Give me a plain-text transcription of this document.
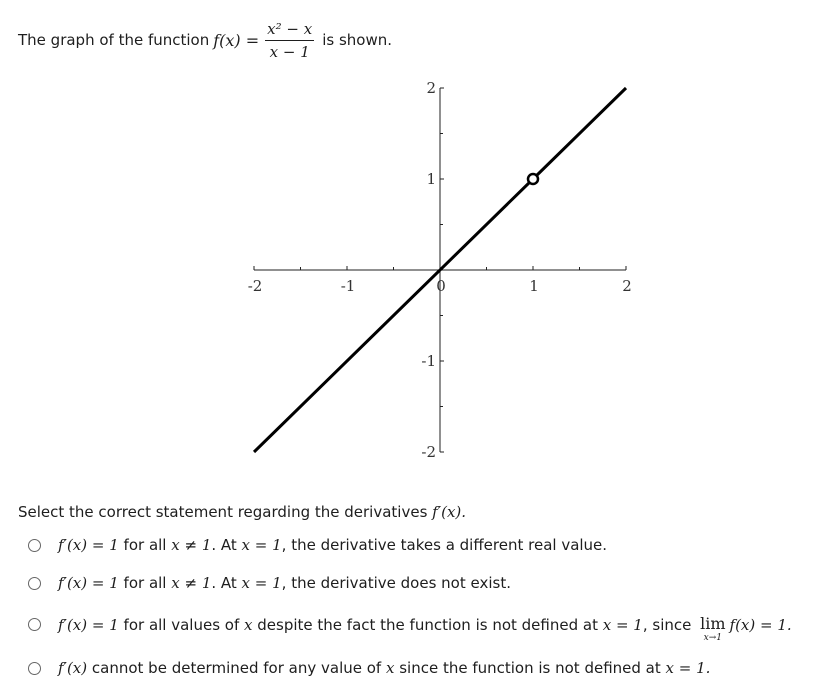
The graph of the function $f(x) = \frac{\text{x² − x}}{x - 1}$ is shown.
-2	-1	0	1	2
-2
-1
1
2
Select the correct statement regarding the derivatives f′(x).
f′(x) = 1 for all x ≠ 1 . At x = 1 , the derivative takes a different real value.
f′(x) = 1 for all x ≠ 1 . At x = 1 , the derivative does not exist.
f′(x) = 1 for all values of x despite the fact the function is not defined at x = 1 , since lim
x→1
f(x) = 1.
f′(x) cannot be determined for any value of x since the function is not defined at x = 1.
